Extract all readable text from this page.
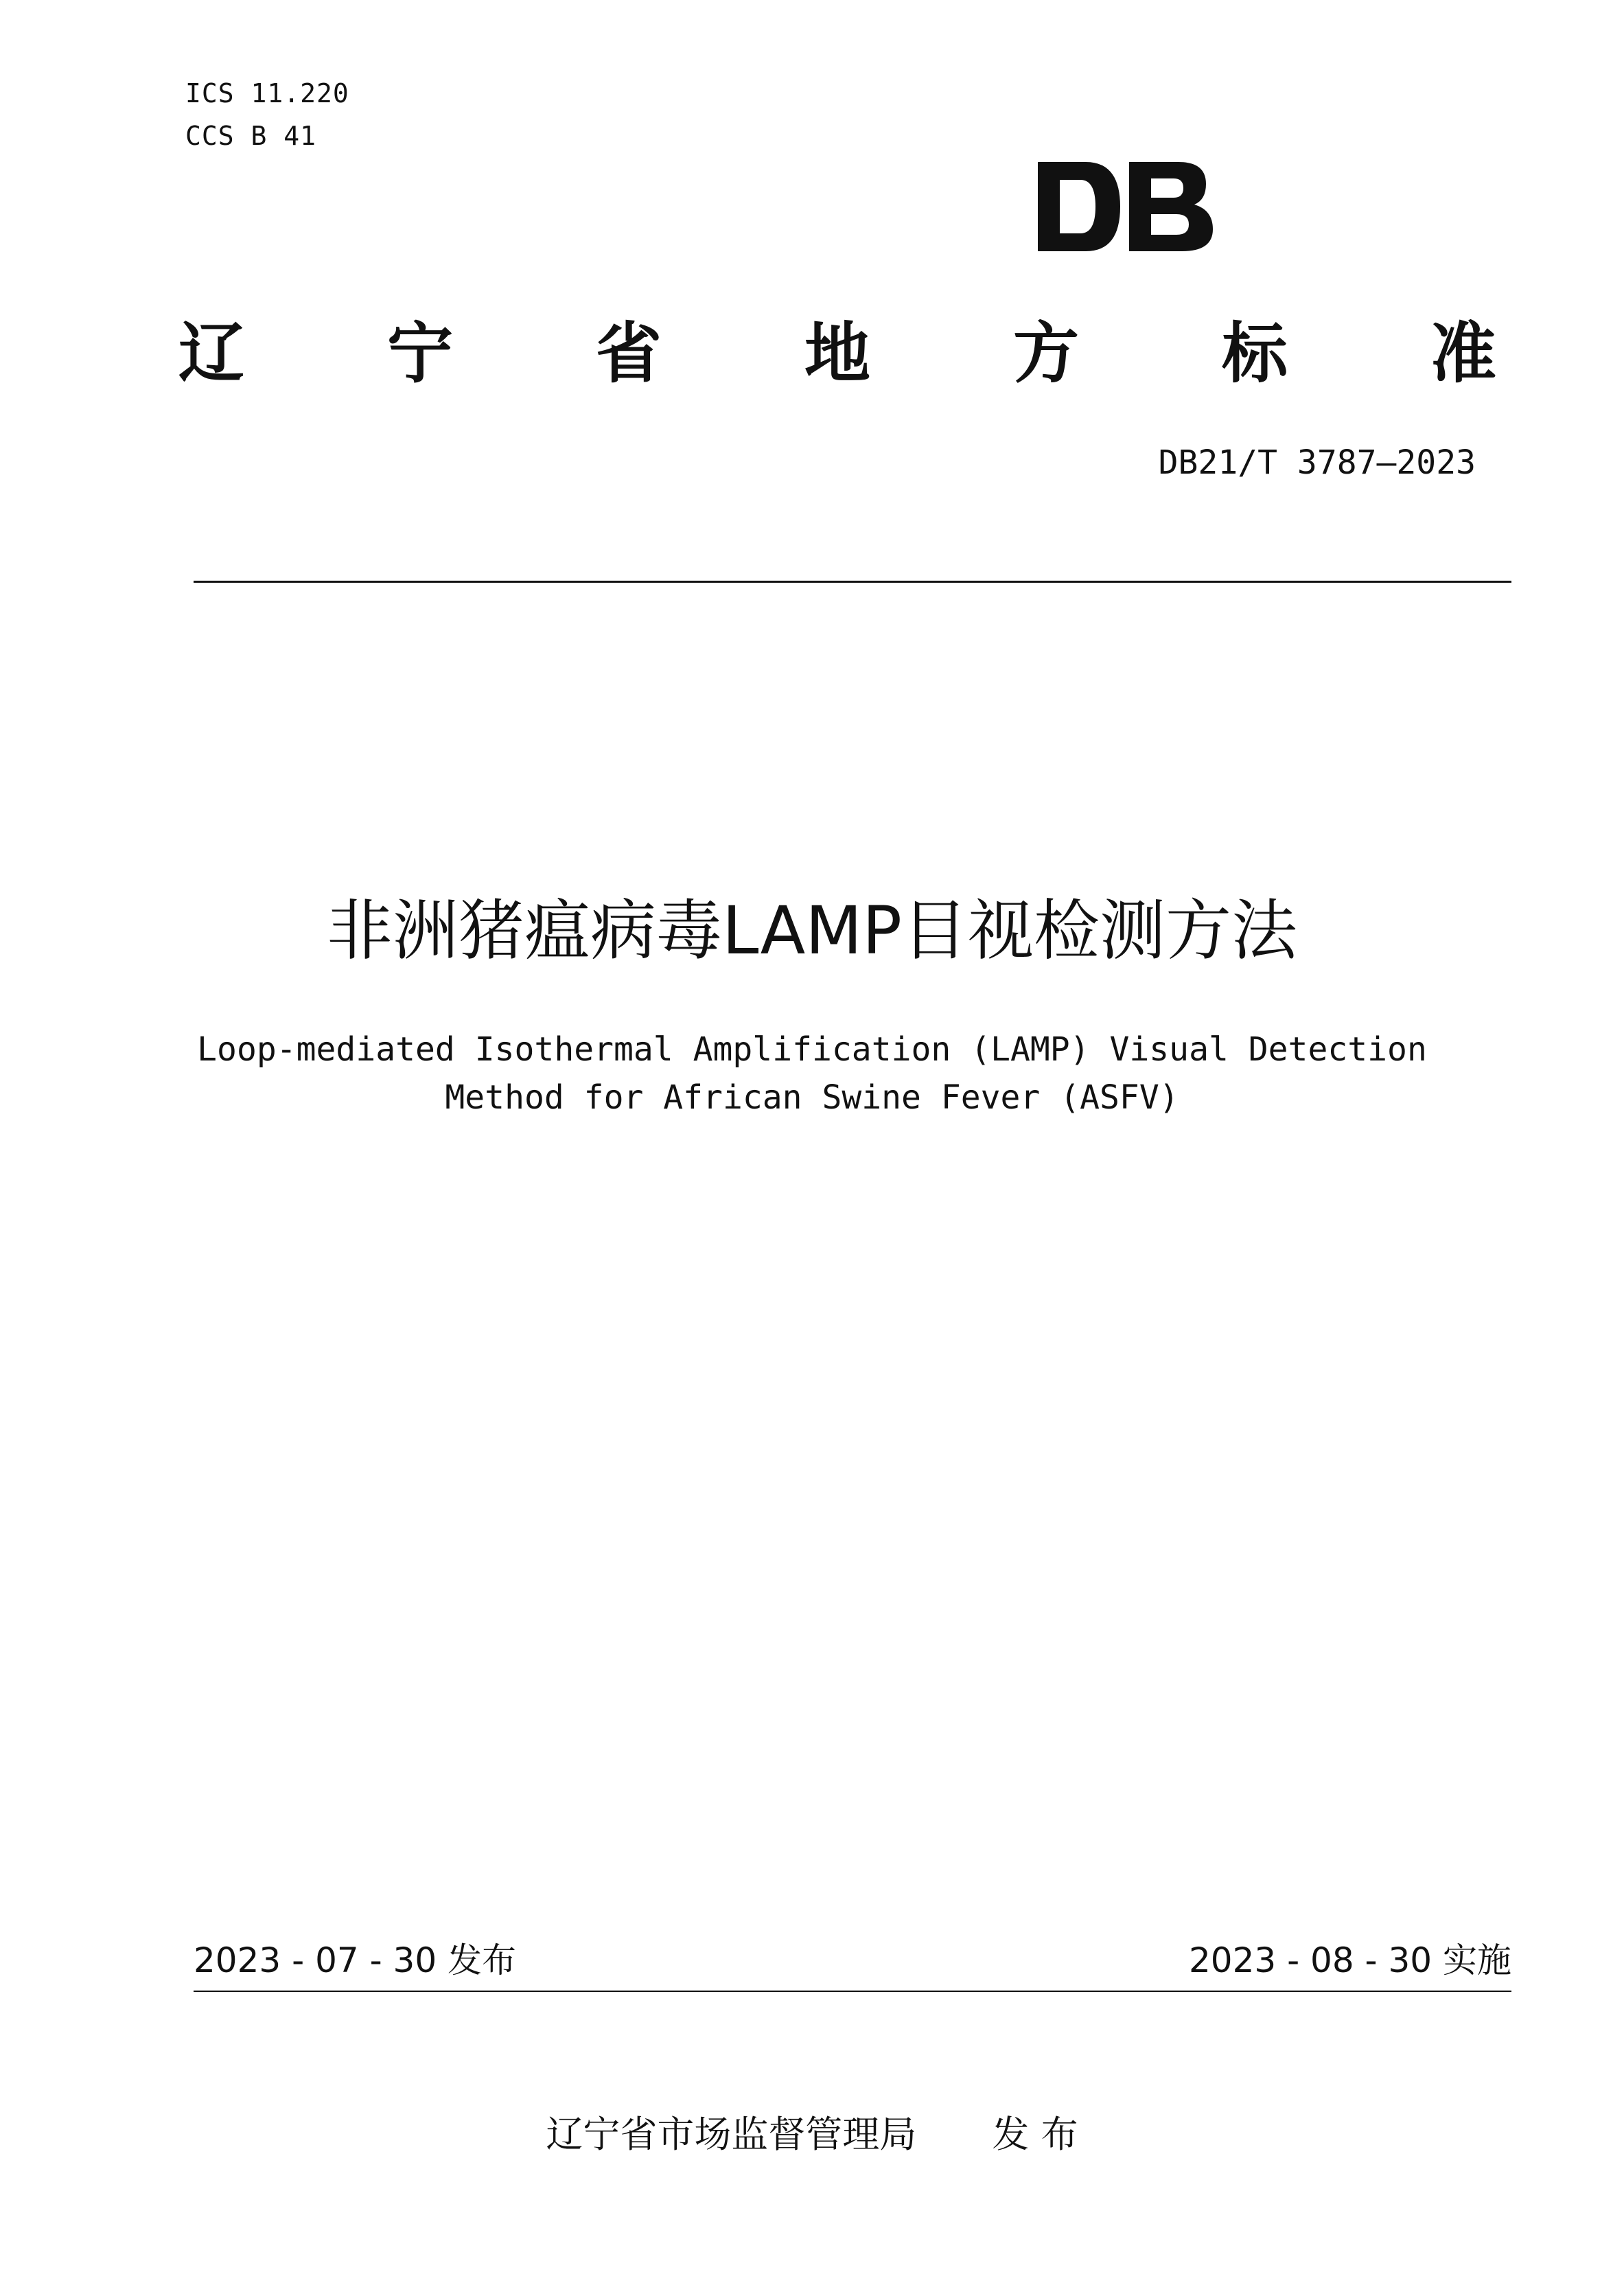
ICS 11.220
CCS B 41
辽 宁 省 地 方 标 准
DB21/T 3787—2023
非洲猪瘟病毒LAMP目视检测方法
Loop-mediated Isothermal Amplification (LAMP) Visual Detection
Method for African Swine Fever (ASFV)
2023 - 07 - 30 发布	2023 - 08 - 30 实施
辽宁省市场监督管理局 发 布
